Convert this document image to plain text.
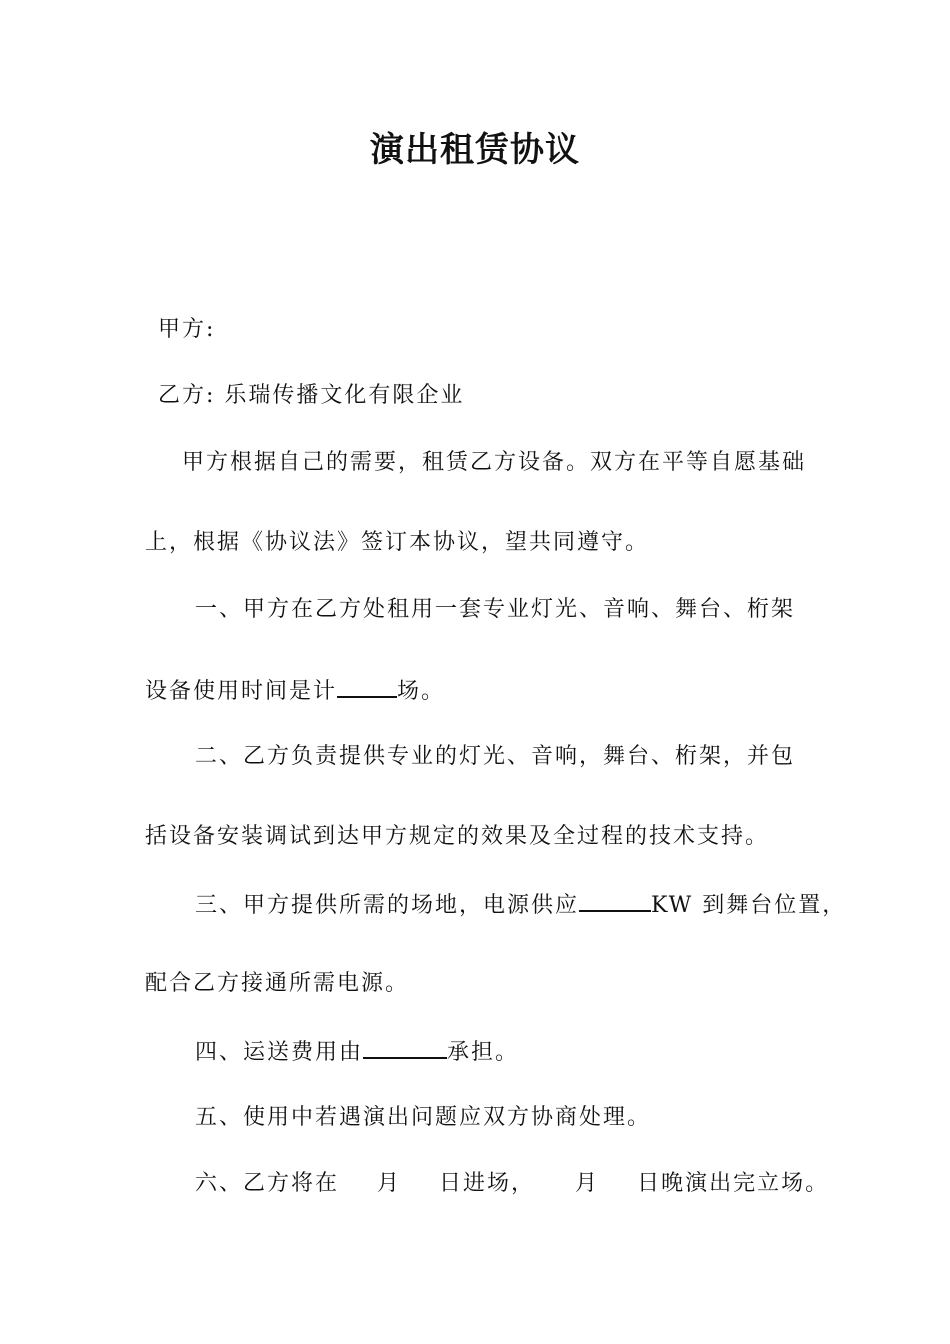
演出租赁协议

甲方:

乙方: 乐瑞传播文化有限企业

甲方根据自己的需要，租赁乙方设备。双方在平等自愿基础

上，根据《协议法》签订本协议，望共同遵守。

一、甲方在乙方处租用一套专业灯光、音响、舞台、桁架

设备使用时间是计	场。

二、乙方负责提供专业的灯光、音响，舞台、桁架，并包

括设备安装调试到达甲方规定的效果及全过程的技术支持。

三、甲方提供所需的场地，电源供应	KW 到舞台位置，

配合乙方接通所需电源。

四、运送费用由	承担。

五、使用中若遇演出问题应双方协商处理。

六、乙方将在 月 日进场， 月 日晚演出完立场。
